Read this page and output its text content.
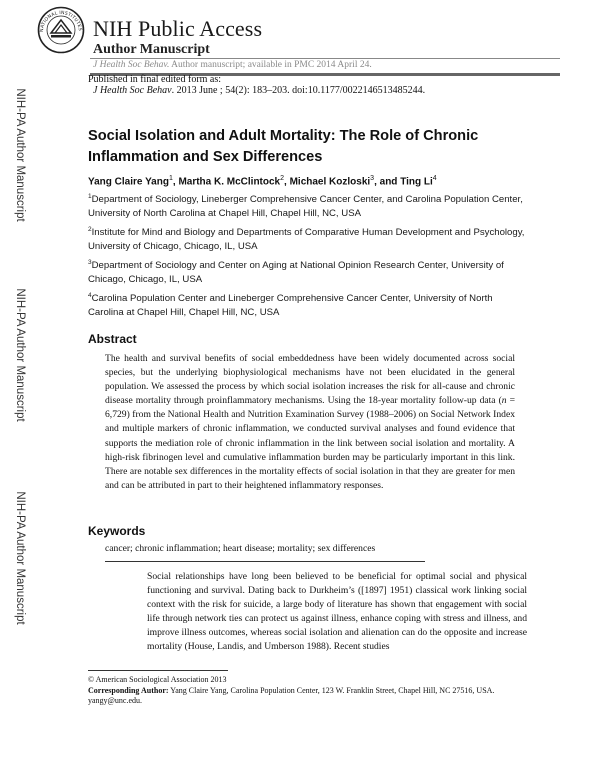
NATIONAL INSTITUTES NIH Public Access
Author Manuscript
J Health Soc Behav. Author manuscript; available in PMC 2014 April 24.
NIH-PA Author Manuscript
NIH-PA Author Manuscript
NIH-PA Author Manuscript
Published in final edited form as:
J Health Soc Behav. 2013 June ; 54(2): 183–203. doi:10.1177/0022146513485244.
Social Isolation and Adult Mortality: The Role of Chronic Inflammation and Sex Differences
Yang Claire Yang$^1$, Martha K. McClintock$^2$, Michael Kozloski$^3$, and Ting Li$^4$
$^1$Department of Sociology, Lineberger Comprehensive Cancer Center, and Carolina Population Center, University of North Carolina at Chapel Hill, Chapel Hill, NC, USA
$^2$Institute for Mind and Biology and Departments of Comparative Human Development and Psychology, University of Chicago, Chicago, IL, USA
$^3$Department of Sociology and Center on Aging at National Opinion Research Center, University of Chicago, Chicago, IL, USA
$^4$Carolina Population Center and Lineberger Comprehensive Cancer Center, University of North Carolina at Chapel Hill, Chapel Hill, NC, USA
Abstract
The health and survival benefits of social embeddedness have been widely documented across social species, but the underlying biophysiological mechanisms have not been elucidated in the general population. We assessed the process by which social isolation increases the risk for all-cause and chronic disease mortality through proinflammatory mechanisms. Using the 18-year mortality follow-up data (n = 6,729) from the National Health and Nutrition Examination Survey (1988–2006) on Social Network Index and multiple markers of chronic inflammation, we conducted survival analyses and found evidence that supports the mediation role of chronic inflammation in the link between social isolation and mortality. A high-risk fibrinogen level and cumulative inflammation burden may be particularly important in this link. There are notable sex differences in the mortality effects of social isolation in that they are greater for men and can be attributed in part to their heightened inflammatory responses.
Keywords
cancer; chronic inflammation; heart disease; mortality; sex differences
Social relationships have long been believed to be beneficial for optimal social and physical functioning and survival. Dating back to Durkheim’s ([1897] 1951) classical work linking social context with the risk for suicide, a large body of literature has shown that engagement with social life through network ties can protect us against illness, enhance coping with stress and illness, and improve illness outcomes, whereas social isolation and alienation can do the opposite and increase mortality (House, Landis, and Umberson 1988). Recent studies
© American Sociological Association 2013
Corresponding Author: Yang Claire Yang, Carolina Population Center, 123 W. Franklin Street, Chapel Hill, NC 27516, USA. yangy@unc.edu.
